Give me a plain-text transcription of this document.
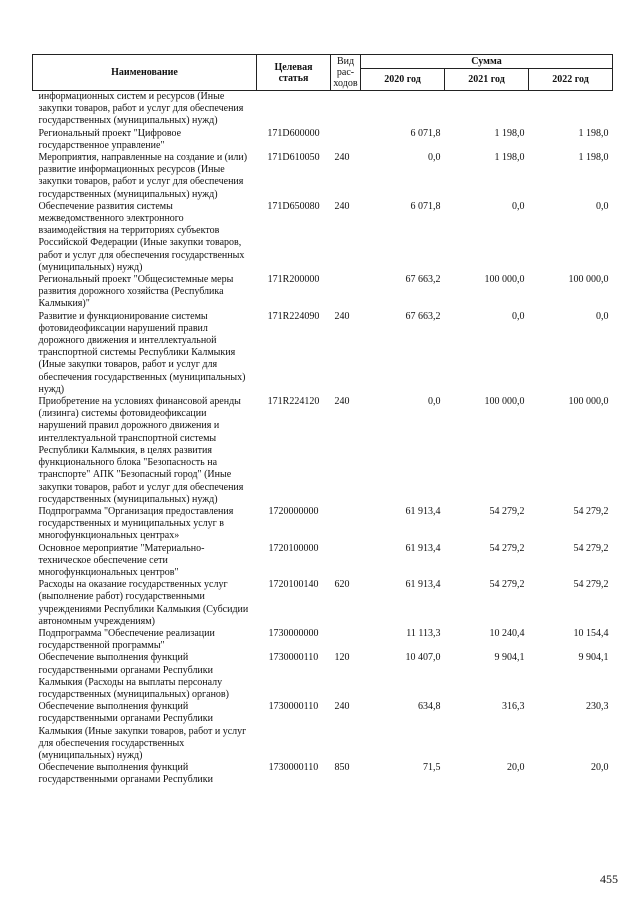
Наименование	Целевая статья	Вид рас-ходов	Сумма		
			2020 год	2021 год	2022 год
информационных систем и ресурсов (Иные закупки товаров, работ и услуг для обеспечения государственных (муниципальных) нужд)					
Региональный проект "Цифровое государственное управление"	171D600000		6 071,8	1 198,0	1 198,0
Мероприятия, направленные на создание и (или) развитие информационных ресурсов (Иные закупки товаров, работ и услуг для обеспечения государственных (муниципальных) нужд)	171D610050	240	0,0	1 198,0	1 198,0
Обеспечение развития системы межведомственного электронного взаимодействия на территориях субъектов Российской Федерации (Иные закупки товаров, работ и услуг для обеспечения государственных (муниципальных) нужд)	171D650080	240	6 071,8	0,0	0,0
Региональный проект "Общесистемные меры развития дорожного хозяйства (Республика Калмыкия)"	171R200000		67 663,2	100 000,0	100 000,0
Развитие и функционирование системы фотовидеофиксации нарушений правил дорожного движения и интеллектуальной транспортной системы Республики Калмыкия (Иные закупки товаров, работ и услуг для обеспечения государственных (муниципальных) нужд)	171R224090	240	67 663,2	0,0	0,0
Приобретение на условиях финансовой аренды (лизинга) системы фотовидеофиксации нарушений правил дорожного движения и интеллектуальной транспортной системы Республики Калмыкия, в целях развития функционального блока "Безопасность на транспорте" АПК "Безопасный город" (Иные закупки товаров, работ и услуг для обеспечения государственных (муниципальных) нужд)	171R224120	240	0,0	100 000,0	100 000,0
Подпрограмма "Организация предоставления государственных и муниципальных услуг в многофункциональных центрах»	1720000000		61 913,4	54 279,2	54 279,2
Основное мероприятие "Материально-техническое обеспечение сети многофункциональных центров"	1720100000		61 913,4	54 279,2	54 279,2
Расходы на оказание государственных услуг (выполнение работ) государственными учреждениями Республики Калмыкия (Субсидии автономным учреждениям)	1720100140	620	61 913,4	54 279,2	54 279,2
Подпрограмма "Обеспечение реализации государственной программы"	1730000000		11 113,3	10 240,4	10 154,4
Обеспечение выполнения функций государственными органами Республики Калмыкия (Расходы на выплаты персоналу государственных (муниципальных) органов)	1730000110	120	10 407,0	9 904,1	9 904,1
Обеспечение выполнения функций государственными органами Республики Калмыкия (Иные закупки товаров, работ и услуг для обеспечения государственных (муниципальных) нужд)	1730000110	240	634,8	316,3	230,3
Обеспечение выполнения функций государственными органами Республики	1730000110	850	71,5	20,0	20,0
455
